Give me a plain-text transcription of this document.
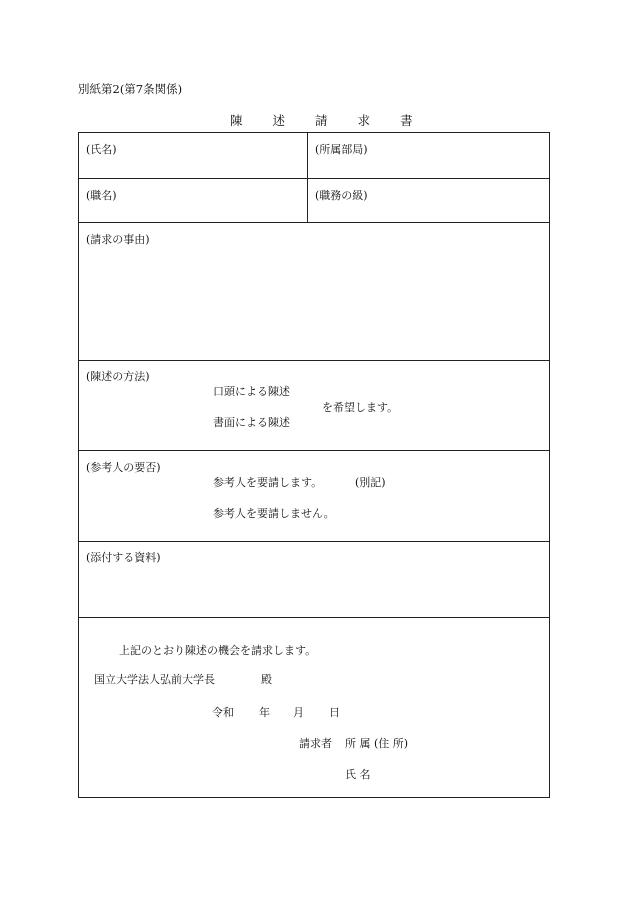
別紙第2(第7条関係)
陳 述 請 求 書
(氏名)	(所属部局)
(職名)	(職務の級)
(請求の事由)
(陳述の方法)
口頭による陳述
を希望します。
書面による陳述
(参考人の要否)
参考人を要請します。	(別記)
参考人を要請しません。
(添付する資料)
上記のとおり陳述の機会を請求します。
国立大学法人弘前大学長	殿
令和 年 月 日
請求者 所 属 (住 所)
氏 名
